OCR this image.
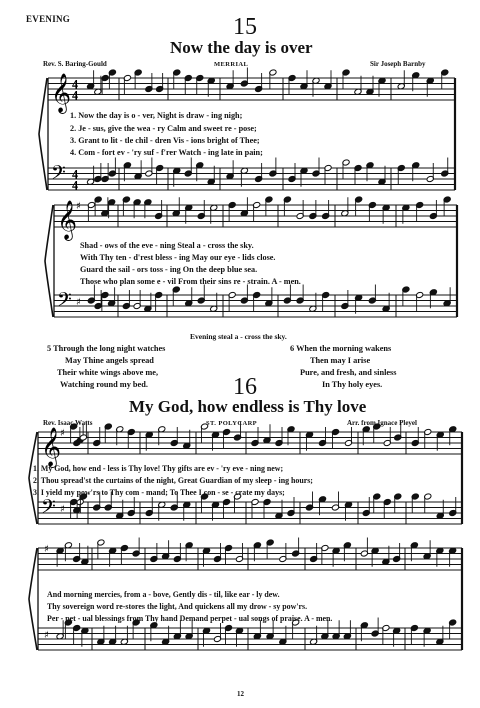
EVENING	15
Now the day is over
Rev. S. Baring-Gould	MERRIAL	Sir Joseph Barnby
𝄞
𝄢
4
4
4
4
𝄞
𝄢
♯
♯
𝄞
𝄢
♯
♯
♯
♯
1. Now the day is o - ver, Night is draw - ing nigh;
2. Je - sus, give the wea - ry Calm and sweet re - pose;
3. Grant to lit - tle chil - dren Vis - ions bright of Thee;
4. Com - fort ev - 'ry suf - f'rer Watch - ing late in pain;
Shad - ows of the eve - ning Steal a - cross the sky.
With Thy ten - d'rest bless - ing May our eye - lids close.
Guard the sail - ors toss - ing On the deep blue sea.
Those who plan some e - vil From their sins re - strain. A - men.
Evening steal a - cross the sky.
5 Through the long night watches
May Thine angels spread
Their white wings above me,
Watching round my bed.
6 When the morning wakens
Then may I arise
Pure, and fresh, and sinless
In Thy holy eyes.
16
My God, how endless is Thy love
Rev. Isaac Watts	ST. POLYCARP	Arr. from Ignace Pleyel
1. My God, how end - less is Thy love! Thy gifts are ev - 'ry eve - ning new;
2. Thou spread'st the curtains of the night, Great Guardian of my sleep - ing hours;
3. I yield my pow'rs to Thy com - mand; To Thee I con - se - crate my days;
And morning mercies, from a - bove, Gently dis - til, like ear - ly dew.
Thy sovereign word re-stores the light, And quickens all my drow - sy pow'rs.
Per - pet - ual blessings from Thy hand Demand perpet - ual songs of praise. A - men.
12
